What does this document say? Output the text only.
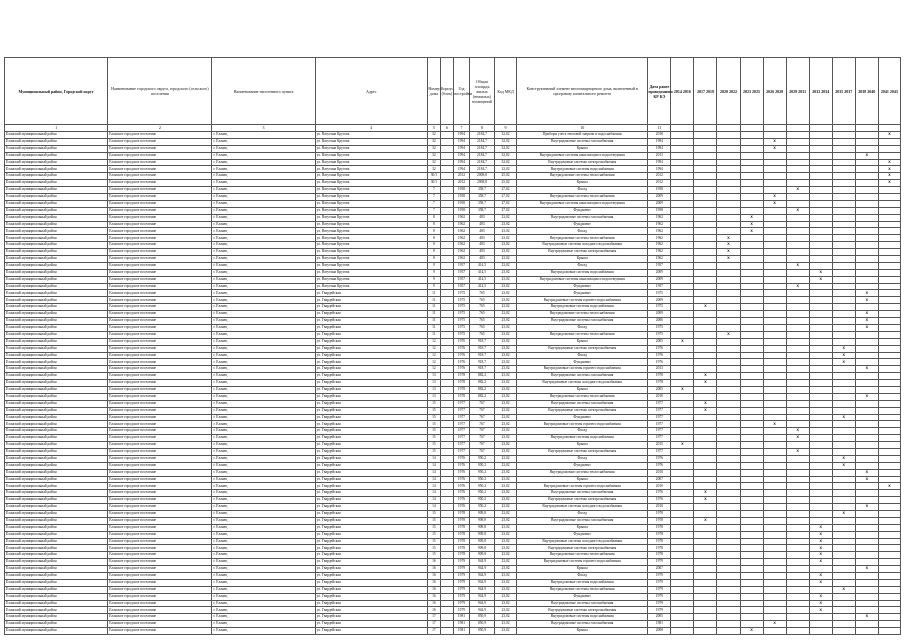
Муниципальный район, Городской округ	Наименование городского округа, городского (сельского) поселения	Наименование населенного пункта	Адрес	Номер дома	Корпус (блок)	Год постройки	Общая площадь жилых (нежилых) помещений	Код МКД	Конструктивный элемент многоквартирного дома, включенный в программу капитального ремонта	Дата ранее проведенного КР КЭ	2014 2016	2017 2019	2020 2022	2023 2025	2026 2028	2029 2031	2032 2034	2035 2037	2038 2040	2041 2043
1	2	3	4	5	6	7	8	9	10	11										
Еланский муниципальный район	Еланское городское поселение	г. Еланец	ул. Ватутина Кругова	32		1994	2184,7	32,02	Приборы учета тепловой энергии и водоснабжения	2018										X
Еланский муниципальный район	Еланское городское поселение	г. Еланец	ул. Ватутина Кругова	32		1994	2184,7	32,02	Внутридомовые системы газоснабжения	1994					X					
Еланский муниципальный район	Еланское городское поселение	г. Еланец	ул. Ватутина Кругова	32		1994	2184,7	32,02	Крыша	1994					X					
Еланский муниципальный район	Еланское городское поселение	г. Еланец	ул. Ватутина Кругова	32		1994	2184,7	32,02	Внутридомовые системы канализации и водоотведения	2013									X	
Еланский муниципальный район	Еланское городское поселение	г. Еланец	ул. Ватутина Кругова	32		1994	2184,7	32,02	Внутридомовые системы электроснабжения	1994										X
Еланский муниципальный район	Еланское городское поселение	г. Еланец	ул. Ватутина Кругова	32		1994	2184,7	32,02	Внутридомовые системы водоснабжения	1994										X
Еланский муниципальный район	Еланское городское поселение	г. Еланец	ул. Ватутина Кругова	30/1		2012	2008,8	25,02	Внутридомовые системы теплоснабжения	2012										X
Еланский муниципальный район	Еланское городское поселение	г. Еланец	ул. Ватутина Кругова	30/1		2012	2008,8	25,02	Крыша	2012										X
Еланский муниципальный район	Еланское городское поселение	г. Еланец	ул. Ватутина Кругова	7		1958	358,7	27,02	Фасад	1958						X				
Еланский муниципальный район	Еланское городское поселение	г. Еланец	ул. Ватутина Кругова	7		1958	358,7	27,02	Внутридомовые системы теплоснабжения	2009					X					
Еланский муниципальный район	Еланское городское поселение	г. Еланец	ул. Ватутина Кругова	7		1958	358,7	27,02	Внутридомовые системы канализации и водоотведения	2009					X					
Еланский муниципальный район	Еланское городское поселение	г. Еланец	ул. Ватутина Кругова	7		1958	358,7	27,02	Фундамент	1958						X				
Еланский муниципальный район	Еланское городское поселение	г. Еланец	ул. Ватутина Кругова	8		1962	483	23,02	Внутридомовые системы газоснабжения	1962				X						
Еланский муниципальный район	Еланское городское поселение	г. Еланец	ул. Ватутина Кругова	8		1962	483	23,02	Фундамент	1962				X						
Еланский муниципальный район	Еланское городское поселение	г. Еланец	ул. Ватутина Кругова	8		1962	483	23,02	Фасад	1962				X						
Еланский муниципальный район	Еланское городское поселение	г. Еланец	ул. Ватутина Кругова	8		1962	483	23,02	Внутридомовые системы теплоснабжения	1962			X							
Еланский муниципальный район	Еланское городское поселение	г. Еланец	ул. Ватутина Кругова	8		1962	483	23,02	Внутридомовые системы холодного водоснабжения	1962			X							
Еланский муниципальный район	Еланское городское поселение	г. Еланец	ул. Ватутина Кругова	8		1962	483	23,02	Внутридомовые системы электроснабжения	1962			X							
Еланский муниципальный район	Еланское городское поселение	г. Еланец	ул. Ватутина Кругова	8		1962	483	23,02	Крыша	1962			X							
Еланский муниципальный район	Еланское городское поселение	г. Еланец	ул. Ватутина Кругова	9		1957	414,5	23,02	Фасад	1957						X				
Еланский муниципальный район	Еланское городское поселение	г. Еланец	ул. Ватутина Кругова	9		1957	414,5	23,02	Внутридомовые системы водоснабжения	2009							X			
Еланский муниципальный район	Еланское городское поселение	г. Еланец	ул. Ватутина Кругова	9		1957	414,5	23,02	Внутридомовые системы канализации и водоотведения	2009							X			
Еланский муниципальный район	Еланское городское поселение	г. Еланец	ул. Ватутина Кругова	9		1957	414,5	23,02	Фундамент	1957						X				
Еланский муниципальный район	Еланское городское поселение	г. Еланец	ул. Гвардейская	11		1975	765	23,02	Фундамент	1975									X	
Еланский муниципальный район	Еланское городское поселение	г. Еланец	ул. Гвардейская	11		1975	765	23,02	Внутридомовые системы горячего водоснабжения	2009									X	
Еланский муниципальный район	Еланское городское поселение	г. Еланец	ул. Гвардейская	11		1975	765	23,02	Внутридомовые системы водоснабжения	1975		X								
Еланский муниципальный район	Еланское городское поселение	г. Еланец	ул. Гвардейская	11		1975	765	23,02	Внутридомовые системы теплоснабжения	2009									X	
Еланский муниципальный район	Еланское городское поселение	г. Еланец	ул. Гвардейская	11		1975	765	23,02	Внутридомовые системы газоснабжения	2006									X	
Еланский муниципальный район	Еланское городское поселение	г. Еланец	ул. Гвардейская	11		1975	765	23,02	Фасад	1975									X	
Еланский муниципальный район	Еланское городское поселение	г. Еланец	ул. Гвардейская	11		1975	765	23,02	Внутридомовые системы теплоснабжения	1975			X							
Еланский муниципальный район	Еланское городское поселение	г. Еланец	ул. Гвардейская	12		1976	918,7	23,02	Крыша	2005	X									
Еланский муниципальный район	Еланское городское поселение	г. Еланец	ул. Гвардейская	12		1976	918,7	23,02	Внутридомовые системы электроснабжения	1976								X		
Еланский муниципальный район	Еланское городское поселение	г. Еланец	ул. Гвардейская	12		1976	918,7	23,02	Фасад	1976								X		
Еланский муниципальный район	Еланское городское поселение	г. Еланец	ул. Гвардейская	12		1976	918,7	23,02	Фундамент	1976								X		
Еланский муниципальный район	Еланское городское поселение	г. Еланец	ул. Гвардейская	12		1976	918,7	23,02	Внутридомовые системы горячего водоснабжения	2013									X	
Еланский муниципальный район	Еланское городское поселение	г. Еланец	ул. Гвардейская	13		1978	882,2	23,02	Внутридомовые системы газоснабжения	1978		X								
Еланский муниципальный район	Еланское городское поселение	г. Еланец	ул. Гвардейская	13		1978	882,2	23,02	Внутридомовые системы холодного водоснабжения	1978		X								
Еланский муниципальный район	Еланское городское поселение	г. Еланец	ул. Гвардейская	13		1978	882,2	23,02	Крыша	2005	X									
Еланский муниципальный район	Еланское городское поселение	г. Еланец	ул. Гвардейская	13		1978	882,2	23,02	Внутридомовые системы теплоснабжения	2010									X	
Еланский муниципальный район	Еланское городское поселение	г. Еланец	ул. Гвардейская	15		1977	767	23,02	Внутридомовые системы газоснабжения	1977		X								
Еланский муниципальный район	Еланское городское поселение	г. Еланец	ул. Гвардейская	15		1977	767	23,02	Внутридомовые системы электроснабжения	1977		X								
Еланский муниципальный район	Еланское городское поселение	г. Еланец	ул. Гвардейская	15		1977	767	23,02	Фундамент	1977								X		
Еланский муниципальный район	Еланское городское поселение	г. Еланец	ул. Гвардейская	15		1977	767	23,02	Внутридомовые системы горячего водоснабжения	1977					X					
Еланский муниципальный район	Еланское городское поселение	г. Еланец	ул. Гвардейская	15		1977	767	23,02	Фасад	1977						X				
Еланский муниципальный район	Еланское городское поселение	г. Еланец	ул. Гвардейская	15		1977	767	23,02	Внутридомовые системы водоснабжения	1977						X				
Еланский муниципальный район	Еланское городское поселение	г. Еланец	ул. Гвардейская	15		1977	767	23,02	Крыша	2015	X									
Еланский муниципальный район	Еланское городское поселение	г. Еланец	ул. Гвардейская	15		1977	767	23,02	Внутридомовые системы электроснабжения	1977						X				
Еланский муниципальный район	Еланское городское поселение	г. Еланец	ул. Гвардейская	14		1976	950,2	23,02	Фасад	1976								X		
Еланский муниципальный район	Еланское городское поселение	г. Еланец	ул. Гвардейская	14		1976	950,2	23,02	Фундамент	1976								X		
Еланский муниципальный район	Еланское городское поселение	г. Еланец	ул. Гвардейская	14		1976	950,2	23,02	Внутридомовые системы теплоснабжения	2010									X	
Еланский муниципальный район	Еланское городское поселение	г. Еланец	ул. Гвардейская	14		1976	950,2	23,02	Крыша	2007									X	
Еланский муниципальный район	Еланское городское поселение	г. Еланец	ул. Гвардейская	14		1976	950,2	23,02	Внутридомовые системы горячего водоснабжения	2010										X
Еланский муниципальный район	Еланское городское поселение	г. Еланец	ул. Гвардейская	14		1976	950,2	23,02	Внутридомовые системы газоснабжения	1976		X								
Еланский муниципальный район	Еланское городское поселение	г. Еланец	ул. Гвардейская	14		1976	950,2	23,02	Внутридомовые системы электроснабжения	1976		X								
Еланский муниципальный район	Еланское городское поселение	г. Еланец	ул. Гвардейская	14		1976	950,2	23,02	Внутридомовые системы холодного водоснабжения	2010									X	
Еланский муниципальный район	Еланское городское поселение	г. Еланец	ул. Гвардейская	15		1978	909,8	23,02	Фасад	1978								X		
Еланский муниципальный район	Еланское городское поселение	г. Еланец	ул. Гвардейская	15		1978	909,8	23,02	Внутридомовые системы газоснабжения	1978		X								
Еланский муниципальный район	Еланское городское поселение	г. Еланец	ул. Гвардейская	15		1978	909,8	23,02	Крыша	1978							X			
Еланский муниципальный район	Еланское городское поселение	г. Еланец	ул. Гвардейская	15		1978	909,8	23,02	Фундамент	1978							X			
Еланский муниципальный район	Еланское городское поселение	г. Еланец	ул. Гвардейская	15		1978	909,8	23,02	Внутридомовые системы холодного водоснабжения	1978							X			
Еланский муниципальный район	Еланское городское поселение	г. Еланец	ул. Гвардейская	15		1978	909,8	23,02	Внутридомовые системы электроснабжения	1978							X			
Еланский муниципальный район	Еланское городское поселение	г. Еланец	ул. Гвардейская	15		1978	909,8	23,02	Внутридомовые системы теплоснабжения	1978							X			
Еланский муниципальный район	Еланское городское поселение	г. Еланец	ул. Гвардейская	16		1979	944,9	23,02	Внутридомовые системы горячего водоснабжения	1979							X			
Еланский муниципальный район	Еланское городское поселение	г. Еланец	ул. Гвардейская	16		1979	944,9	23,02	Крыша	2007									X	
Еланский муниципальный район	Еланское городское поселение	г. Еланец	ул. Гвардейская	16		1979	944,9	23,02	Фасад	1979							X			
Еланский муниципальный район	Еланское городское поселение	г. Еланец	ул. Гвардейская	16		1979	944,9	23,02	Внутридомовые системы водоснабжения	1979							X			
Еланский муниципальный район	Еланское городское поселение	г. Еланец	ул. Гвардейская	16		1979	944,9	23,02	Внутридомовые системы теплоснабжения	1979								X		
Еланский муниципальный район	Еланское городское поселение	г. Еланец	ул. Гвардейская	16		1979	944,9	23,02	Фундамент	1979							X			
Еланский муниципальный район	Еланское городское поселение	г. Еланец	ул. Гвардейская	16		1979	944,9	23,02	Внутридомовые системы газоснабжения	1979							X			
Еланский муниципальный район	Еланское городское поселение	г. Еланец	ул. Гвардейская	16		1979	944,9	23,02	Внутридомовые системы электроснабжения	1979							X			
Еланский муниципальный район	Еланское городское поселение	г. Еланец	ул. Гвардейская	17		1981	850,9	23,02	Внутридомовые системы водоснабжения	2005									X	
Еланский муниципальный район	Еланское городское поселение	г. Еланец	ул. Гвардейская	17		1981	850,9	23,02	Внутридомовые системы газоснабжения	1981					X					
Еланский муниципальный район	Еланское городское поселение	г. Еланец	ул. Гвардейская	17		1981	850,9	23,02	Крыша	2008				X						
